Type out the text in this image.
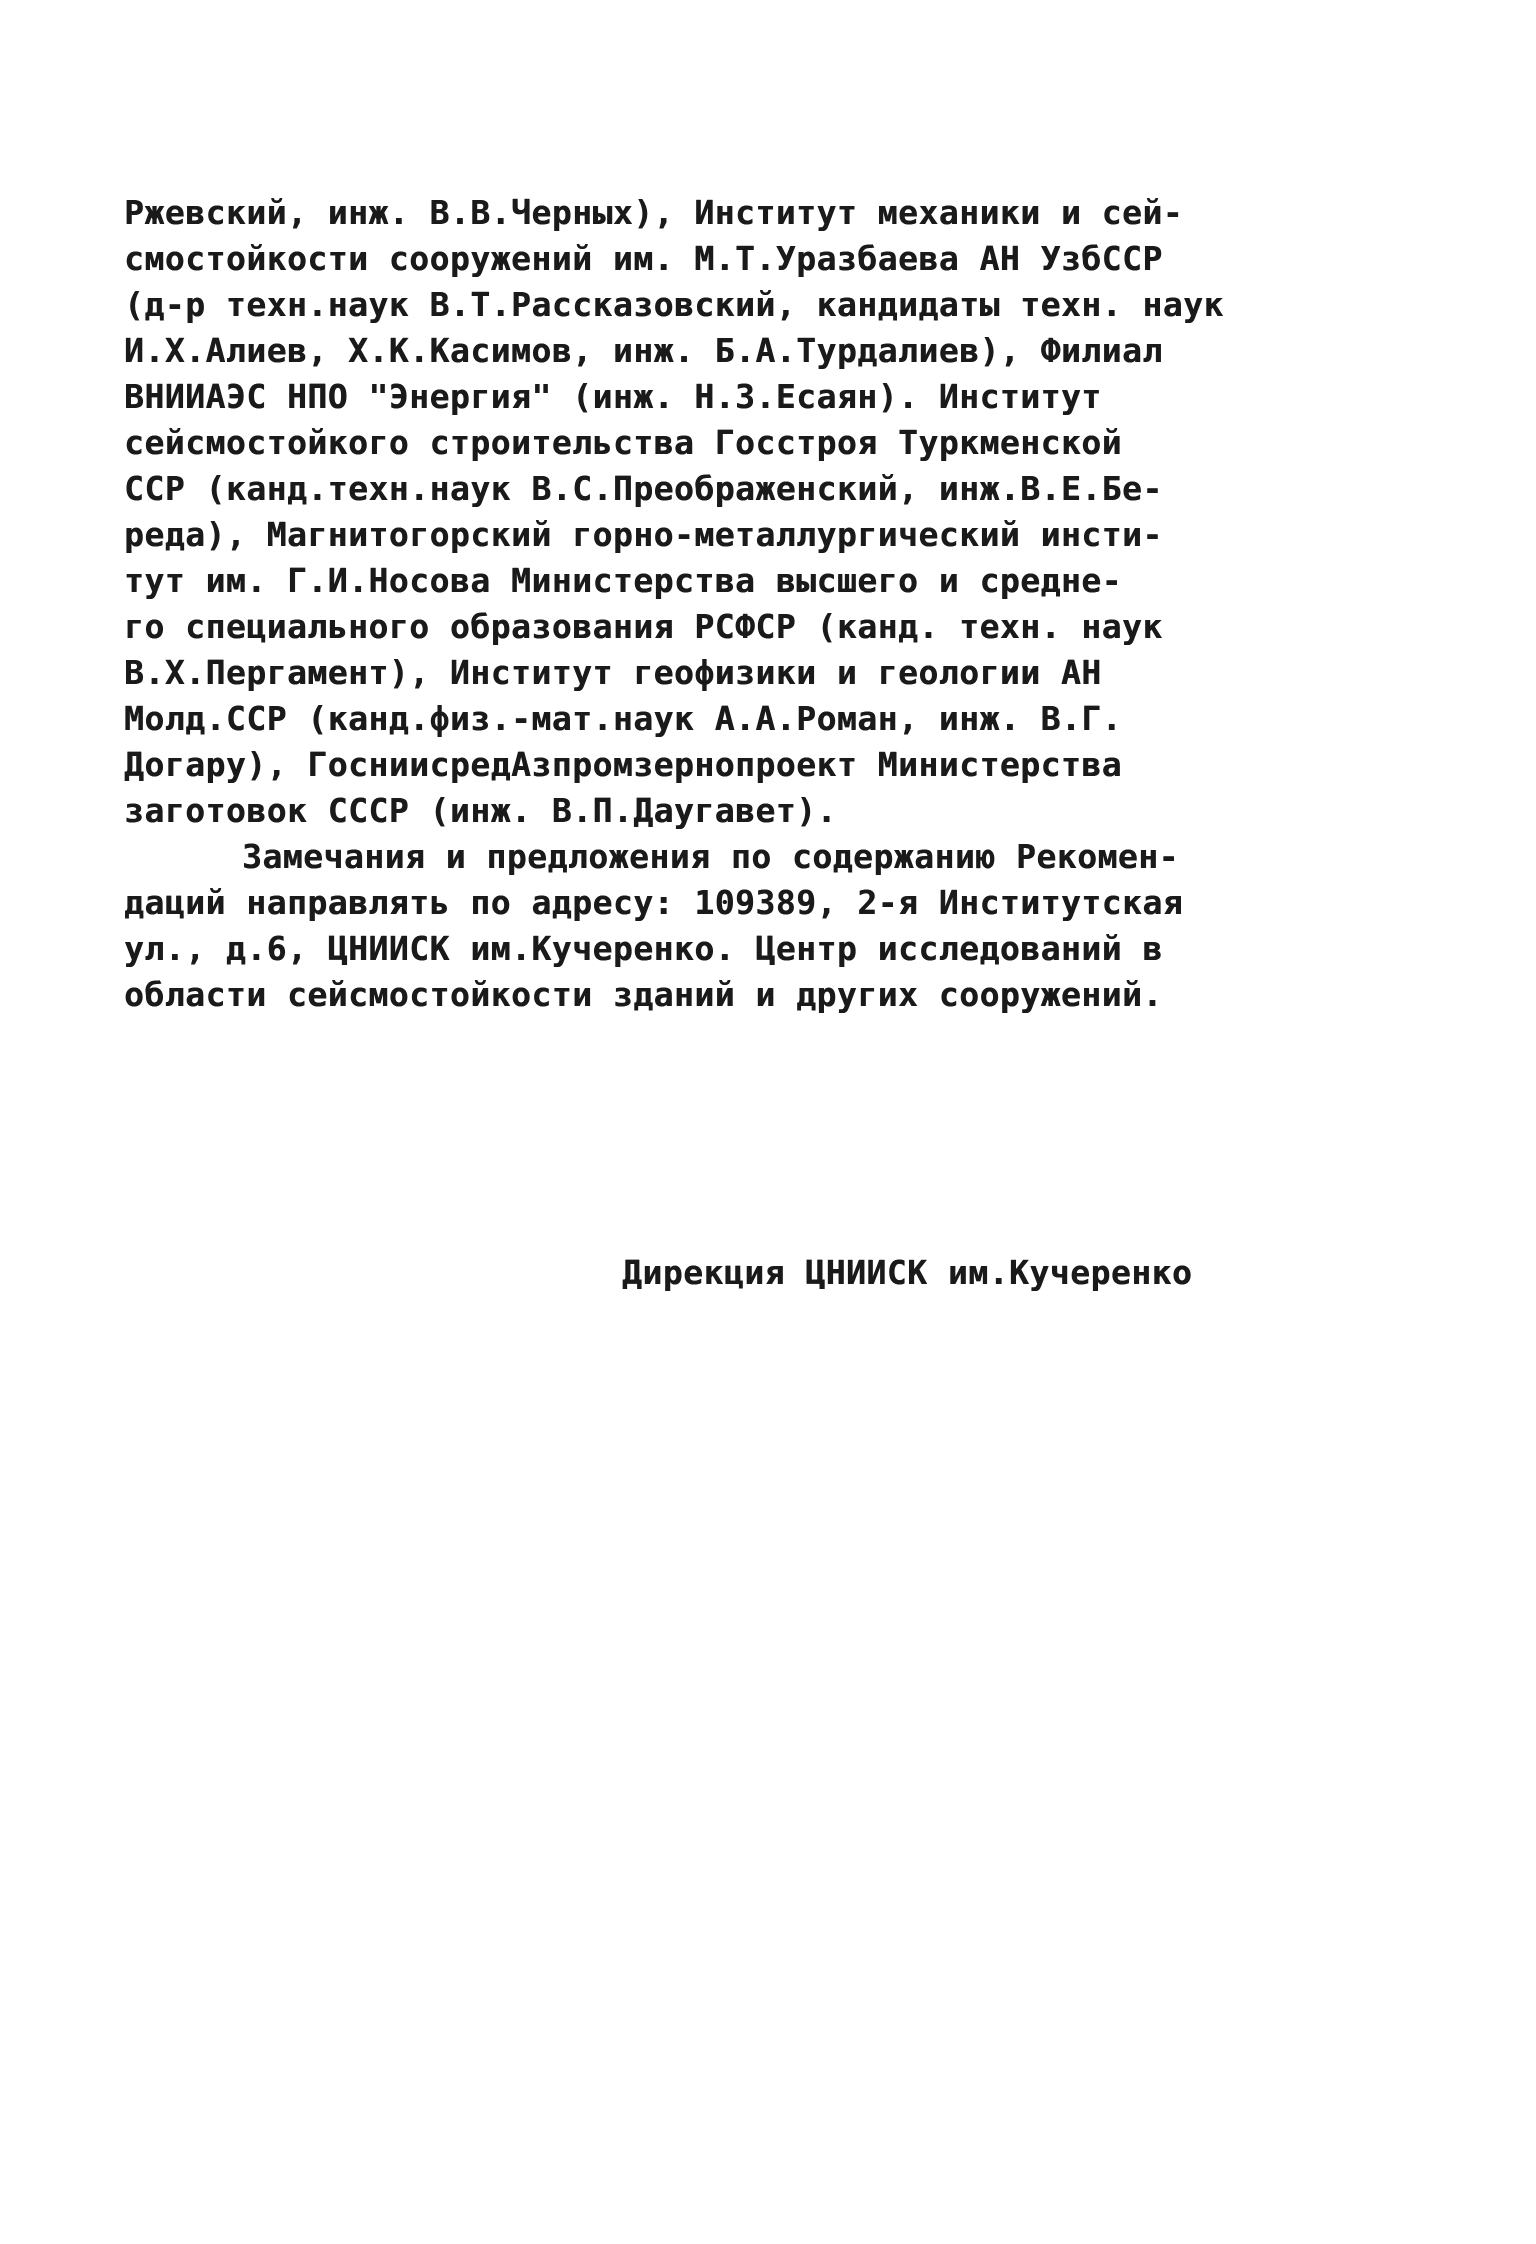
Ржевский, инж. В.В.Черных), Институт механики и сей-
смостойкости сооружений им. М.Т.Уразбаева АН УзбССР
(д-р техн.наук В.Т.Рассказовский, кандидаты техн. наук
И.Х.Алиев, Х.К.Касимов, инж. Б.А.Турдалиев), Филиал
ВНИИАЭС НПО "Энергия" (инж. Н.З.Есаян). Институт
сейсмостойкого строительства Госстроя Туркменской
ССР (канд.техн.наук В.С.Преображенский, инж.В.Е.Бе-
реда), Магнитогорский горно-металлургический инсти-
тут им. Г.И.Носова Министерства высшего и средне-
го специального образования РСФСР (канд. техн. наук
В.Х.Пергамент), Институт геофизики и геологии АН
Молд.ССР (канд.физ.-мат.наук А.А.Роман, инж. В.Г.
Догару), ГоснииcредАзпромзернопроект Министерства
заготовок СССР (инж. В.П.Даугавет).
Замечания и предложения по содержанию Рекомен-
даций направлять по адресу: 109389, 2-я Институтская
ул., д.6, ЦНИИСК им.Кучеренко. Центр исследований в
области сейсмостойкости зданий и других сооружений.
Дирекция ЦНИИСК им.Кучеренко
